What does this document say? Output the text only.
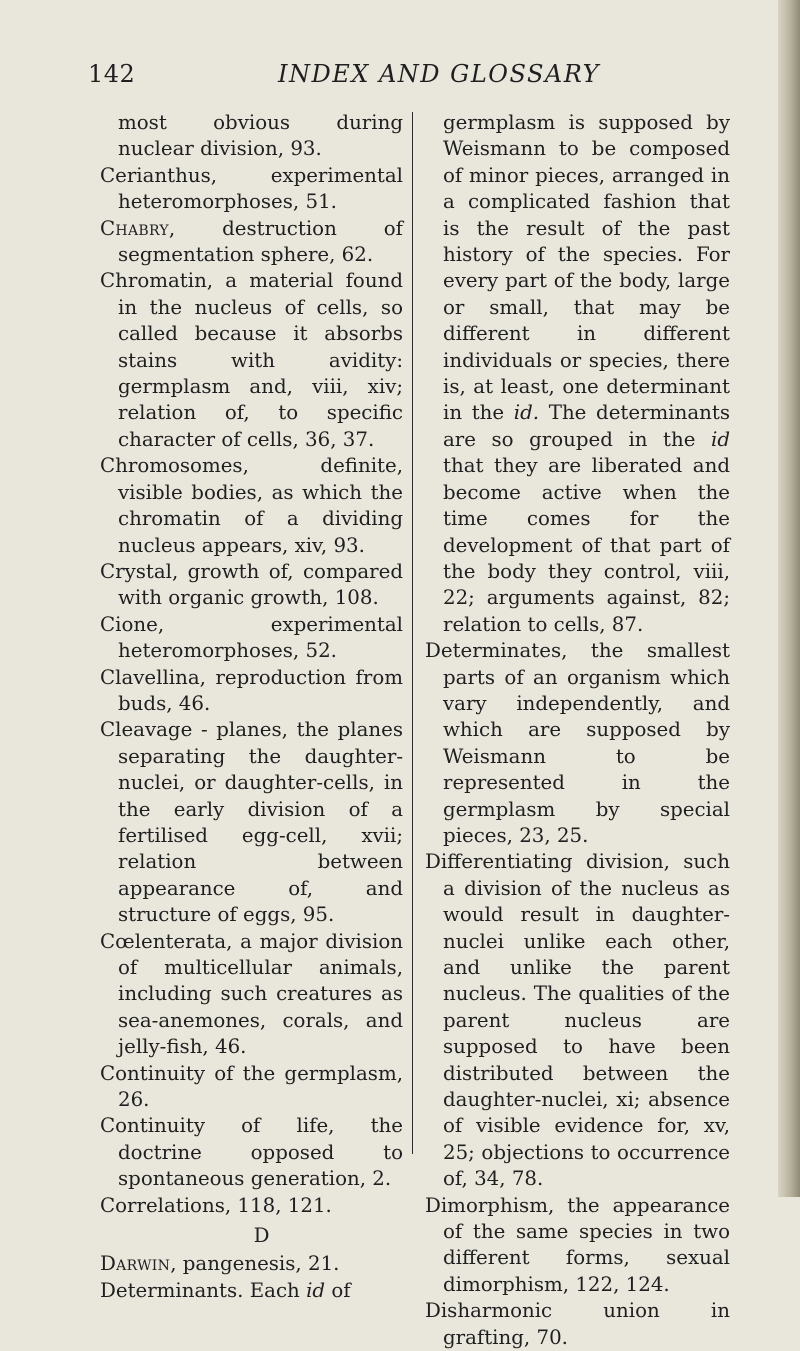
142	INDEX AND GLOSSARY
most obvious during nuclear division, 93.
Cerianthus, experimental heteromorphoses, 51.
Chabry, destruction of segmentation sphere, 62.
Chromatin, a material found in the nucleus of cells, so called because it absorbs stains with avidity: germplasm and, viii, xiv; relation of, to specific character of cells, 36, 37.
Chromosomes, definite, visible bodies, as which the chromatin of a dividing nucleus appears, xiv, 93.
Crystal, growth of, compared with organic growth, 108.
Cione, experimental heteromorphoses, 52.
Clavellina, reproduction from buds, 46.
Cleavage - planes, the planes separating the daughter-nuclei, or daughter-cells, in the early division of a fertilised egg-cell, xvii; relation between appearance of, and structure of eggs, 95.
Cœlenterata, a major division of multicellular animals, including such creatures as sea-anemones, corals, and jelly-fish, 46.
Continuity of the germplasm, 26.
Continuity of life, the doctrine opposed to spontaneous generation, 2.
Correlations, 118, 121.
D
Darwin, pangenesis, 21.
Determinants. Each id of
germplasm is supposed by Weismann to be composed of minor pieces, arranged in a complicated fashion that is the result of the past history of the species. For every part of the body, large or small, that may be different in different individuals or species, there is, at least, one determinant in the id. The determinants are so grouped in the id that they are liberated and become active when the time comes for the development of that part of the body they control, viii, 22; arguments against, 82; relation to cells, 87.
Determinates, the smallest parts of an organism which vary independently, and which are supposed by Weismann to be represented in the germplasm by special pieces, 23, 25.
Differentiating division, such a division of the nucleus as would result in daughter-nuclei unlike each other, and unlike the parent nucleus. The qualities of the parent nucleus are supposed to have been distributed between the daughter-nuclei, xi; absence of visible evidence for, xv, 25; objections to occurrence of, 34, 78.
Dimorphism, the appearance of the same species in two different forms, sexual dimorphism, 122, 124.
Disharmonic union in grafting, 70.
